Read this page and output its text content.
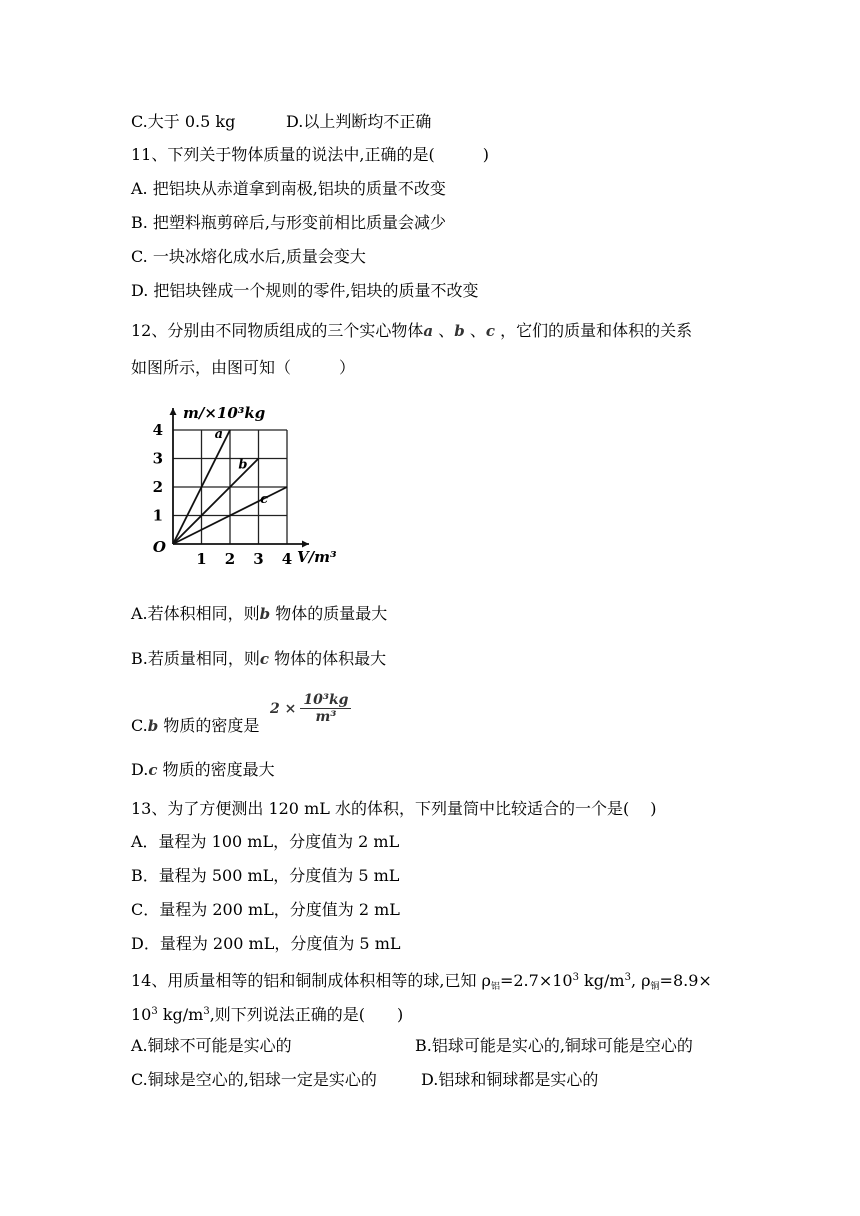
C.大于 0.5 kg	D.以上判断均不正确
11、下列关于物体质量的说法中,正确的是(　　　)
A. 把铝块从赤道拿到南极,铝块的质量不改变
B. 把塑料瓶剪碎后,与形变前相比质量会减少
C. 一块冰熔化成水后,质量会变大
D. 把铝块锉成一个规则的零件,铝块的质量不改变
12、分别由不同物质组成的三个实心物体a 、b 、c ，它们的质量和体积的关系
如图所示，由图可知（　　　）
a
b
c
1 2 3 4
1
2
3
4
O
m/×10³kg
V/m³
A.若体积相同，则b 物体的质量最大
B.若质量相同，则c 物体的体积最大
C.b 物质的密度是
$2 \times \frac{\text{10³kg}}{\text{m³}}$
D.c 物质的密度最大
13、为了方便测出 120 mL 水的体积，下列量筒中比较适合的一个是(　 )
A．量程为 100 mL，分度值为 2 mL
B．量程为 500 mL，分度值为 5 mL
C．量程为 200 mL，分度值为 2 mL
D．量程为 200 mL，分度值为 5 mL
14、用质量相等的铝和铜制成体积相等的球,已知 $\rho_铝=2.7\times 10^3$ $kg/m^3$, $\rho_铜=8.9\times$
$10^3$ $kg/m^3$,则下列说法正确的是(　　)
A.铜球不可能是实心的	B.铝球可能是实心的,铜球可能是空心的
C.铜球是空心的,铝球一定是实心的	D.铝球和铜球都是实心的
